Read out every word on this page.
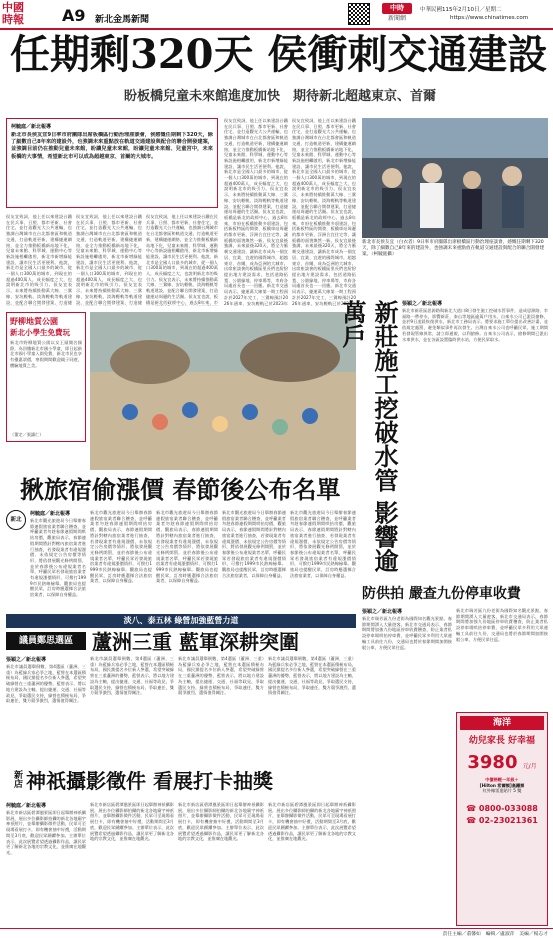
中國
時報	A9 新北金馬新聞
中時
新聞網
中華民國115年2月10日／星期二
https://www.chinatimes.com
任期剩320天 侯衝刺交通建設
盼板橋兒童未來館進度加快　期待新北超越東京、首爾
柯毓庭／新北報導
新北市長侯友宜9日率市府團隊出席板橋區行動治理座談會，侯感慨任期剩下320天，除了細數自己8年來的建設外，也強調未來重點放在軌道交通建設與配合的聯合開發建案，並強調目前仍在推動兒童未來館，盼讓兒童未來館，盼讓兒童未來館、兒童宮中，未來板橋的大事情，希望新北市可以成為超越東京、首爾的大城市。
侯友宜致詞，他上任以來建設台鐵在民兵事、日照、都市更新、社會住宅，並打造觀光大公共運輸，也強調台灣城市在台北都會區和軌道交通，打造軌道更新，建構捷運網絡，並全力推動板橋新站地下化，兒童未來館、科學城、運動中心等新設施相繼啟用，新北市新增綠能建設，讓市民生活更便利。他說，新北市是全國人口最多的城市，從一個人口300萬的城市，到現在的超過400萬人，成長幅度之大，也說明新北市的吸引力。侯友宜表示，未來將持續推動萬大線、三鶯線、安坑輕軌、淡海輕軌等軌道建設，並配合聯合開發建案，打造捷
侯友宜致詞，他上任以來建設台鐵在民兵事、日照、都市更新、社會住宅，並打造觀光大公共運輸，也強調台灣城市在台北都會區和軌道交通，打造軌道更新，建構捷運網絡，並全力推動板橋新站地下化，兒童未來館、科學城、運動中心等新設施相繼啟用，新北市新增綠能建設，讓市民生活更便利。他說，新北市是全國人口最多的城市，從一個人口300萬的城市，到現在的超過400萬人，成長幅度之大，也說明新北市的吸引力。侯友宜表示，未來將持續推動萬大線、三鶯線、安坑輕軌、淡海輕軌等軌道建設，並配合聯合開發建案，打造捷
侯友宜致詞，他上任以來建設台鐵在民兵事、日照、都市更新、社會住宅，並打造觀光大公共運輸，也強調台灣城市在台北都會區和軌道交通，打造軌道更新，建構捷運網絡，並全力推動板橋新站地下化，兒童未來館、科學城、運動中心等新設施相繼啟用，新北市新增綠能建設，讓市民生活更便利。他說，新北市是全國人口最多的城市，從一個人口300萬的城市，到現在的超過400萬人，成長幅度之大，也說明新北市的吸引力。侯友宜表示，未來將持續推動萬大線、三鶯線、安坑輕軌、淡海輕軌等軌道建設，並配合聯合開發建案，打造捷運站周邊的生活圈。侯友宜也說，板橋是新北的政經中心，過去8年來，市
侯友宜致詞，他上任以來建設台鐵在民兵事、日照、都市更新、社會住宅，並打造觀光大公共運輸，也強調台灣城市在台北都會區和軌道交通，打造軌道更新，建構捷運網絡，並全力推動板橋新站地下化，兒童未來館、科學城、運動中心等新設施相繼啟用，新北市新增綠能建設，讓市民生活更便利。他說，新北市是全國人口最多的城市，從一個人口300萬的城市，到現在的超過400萬人，成長幅度之大，也說明新北市的吸引力。侯友宜表示，未來將持續推動萬大線、三鶯線、安坑輕軌、淡海輕軌等軌道建設，並配合聯合開發建案，打造捷運站周邊的生活圈。侯友宜也說，板橋是新北的政經中心，過去8年來，市府在板橋推動多項建設，包括新板特區的開發、板橋車站周邊的都市更新、浮洲合宜住宅等，讓板橋的面貌煥然一新。侯友宜最後強調，未來最後320天，將全力衝刺交通建設，讓新北市成為一個宜居、宜業、宜遊的國際城市，超越東京、首爾，成為亞洲的大城市。出席座談會的板橋區里長們也紛紛提出地方建設需求，包括道路拓寬、公園綠地、停車場等，市府各局處首長也一一回應。新北市交通局表示，捷運萬大線第一期工程預計於2027年完工，三鶯線預計2026年通車，安坑輕軌已於2023年
侯友宜致詞，他上任以來建設台鐵在民兵事、日照、都市更新、社會住宅，並打造觀光大公共運輸，也強調台灣城市在台北都會區和軌道交通，打造軌道更新，建構捷運網絡，並全力推動板橋新站地下化，兒童未來館、科學城、運動中心等新設施相繼啟用，新北市新增綠能建設，讓市民生活更便利。他說，新北市是全國人口最多的城市，從一個人口300萬的城市，到現在的超過400萬人，成長幅度之大，也說明新北市的吸引力。侯友宜表示，未來將持續推動萬大線、三鶯線、安坑輕軌、淡海輕軌等軌道建設，並配合聯合開發建案，打造捷運站周邊的生活圈。侯友宜也說，板橋是新北的政經中心，過去8年來，市府在板橋推動多項建設，包括新板特區的開發、板橋車站周邊的都市更新、浮洲合宜住宅等，讓板橋的面貌煥然一新。侯友宜最後強調，未來最後320天，將全力衝刺交通建設，讓新北市成為一個宜居、宜業、宜遊的國際城市，超越東京、首爾，成為亞洲的大城市。出席座談會的板橋區里長們也紛紛提出地方建設需求，包括道路拓寬、公園綠地、停車場等，市府各局處首長也一一回應。新北市交通局表示，捷運萬大線第一期工程預計於2027年完工，三鶯線預計2026年通車，安坑輕軌已於2023年
新北市長侯友宜（白衣者）9日率市府團隊出席板橋區行動治理座談會，感慨任期剩下320天，除了細數自己8年來的建設外，也強調未來重點放在軌道交通建設與配合的聯合開發建案。（柯毓庭攝）
野柳地質公園
新北小學生免費玩
新北市野柳地質公園以女王頭聞名國際，為回饋新北市國小學童，即日起新北市國小學童入園免費，新北市民也享有優惠票價，寒假期間歡迎親子同遊，體驗地質之美。
（董定／張鎮仁）
揪旅宿偷漲價 春節後公布名單
新北
柯毓庭／新北報導
新北市觀光旅遊局今日舉辦春節連假旅宿業者聯合稽查，並呼籲業者勿趁春節連假期間哄抬房價，觀旅局表示，春節連假期間將針對轄內旅宿業者進行抽查，若發現業者有違規漲價、未依規定公告房價等情形，將依發展觀光條例開罰，並於春節後公布違規業者名單，呼籲民眾若發現旅宿業者有違規漲價情形，可撥打1999市民熱線檢舉。觀旅局也提醒民眾，訂房時應選擇合法旅宿業者，以保障自身權益。
新北市觀光旅遊局今日舉辦春節連假旅宿業者聯合稽查，並呼籲業者勿趁春節連假期間哄抬房價，觀旅局表示，春節連假期間將針對轄內旅宿業者進行抽查，若發現業者有違規漲價、未依規定公告房價等情形，將依發展觀光條例開罰，並於春節後公布違規業者名單，呼籲民眾若發現旅宿業者有違規漲價情形，可撥打1999市民熱線檢舉。觀旅局也提醒民眾，訂房時應選擇合法旅宿業者，以保障自身權益。
新北市觀光旅遊局今日舉辦春節連假旅宿業者聯合稽查，並呼籲業者勿趁春節連假期間哄抬房價，觀旅局表示，春節連假期間將針對轄內旅宿業者進行抽查，若發現業者有違規漲價、未依規定公告房價等情形，將依發展觀光條例開罰，並於春節後公布違規業者名單，呼籲民眾若發現旅宿業者有違規漲價情形，可撥打1999市民熱線檢舉。觀旅局也提醒民眾，訂房時應選擇合法旅宿業者，以保障自身權益。
新北市觀光旅遊局今日舉辦春節連假旅宿業者聯合稽查，並呼籲業者勿趁春節連假期間哄抬房價，觀旅局表示，春節連假期間將針對轄內旅宿業者進行抽查，若發現業者有違規漲價、未依規定公告房價等情形，將依發展觀光條例開罰，並於春節後公布違規業者名單，呼籲民眾若發現旅宿業者有違規漲價情形，可撥打1999市民熱線檢舉。觀旅局也提醒民眾，訂房時應選擇合法旅宿業者，以保障自身權益。
新北市觀光旅遊局今日舉辦春節連假旅宿業者聯合稽查，並呼籲業者勿趁春節連假期間哄抬房價，觀旅局表示，春節連假期間將針對轄內旅宿業者進行抽查，若發現業者有違規漲價、未依規定公告房價等情形，將依發展觀光條例開罰，並於春節後公布違規業者名單，呼籲民眾若發現旅宿業者有違規漲價情形，可撥打1999市民熱線檢舉。觀旅局也提醒民眾，訂房時應選擇合法旅宿業者，以保障自身權益。
新莊施工挖破水管 影響逾萬戶	張穎之／新北報導
新北市新莊區思源路與新北大道口8日發生施工挖破水管事件，造成思源路、幸福路一帶停水，影響新莊、泰山等地區逾萬戶用水，自來水公司已派員搶修，並於9日凌晨恢復供水，新北市工務局表示，將要求施工單位提出改善計畫，並依規定處罰，避免類似事件再次發生。台灣自來水公司也呼籲民眾，施工期間若發現管線異常，請立即通報，以利搶修。自來水公司表示，搶修期間已派出水車供水，並在各區設置臨時供水站，方便民眾取水。
防供拍 嚴查九份停車收費
張穎之／新北報導
新北市瑞芳區九份老街為國際知名觀光景點，春節期間湧入大量遊客，新北市交通局表示，春節期間將加強九份地區停車收費稽查，防止業者私設停車場哄抬停車費，並呼籲民眾多利用大眾運輸工具前往九份，交通局也將於春節期間加開接駁公車，方便民眾往返。
新北市瑞芳區九份老街為國際知名觀光景點，春節期間湧入大量遊客，新北市交通局表示，春節期間將加強九份地區停車收費稽查，防止業者私設停車場哄抬停車費，並呼籲民眾多利用大眾運輸工具前往九份，交通局也將於春節期間加開接駁公車，方便民眾往返。
淡八、泰五林 綠營加強藍營力道
議員鄭思選區 蘆洲三重 藍軍深耕突圍
張穎之／新北報導
新北市議員選舉倒數，第4選區（蘆洲、三重）為藍綠兵家必爭之地，藍營在本選區積極布局，國民黨提名多位新人參選，希望突破綠營在三重蘆洲的優勢，藍營表示，將以地方建設為主軸，提出捷運、交通、社福等政見，爭取選民支持，綠營也積極布局，爭取連任，雙方競爭激烈，選情值得關注。
新北市議員選舉倒數，第4選區（蘆洲、三重）為藍綠兵家必爭之地，藍營在本選區積極布局，國民黨提名多位新人參選，希望突破綠營在三重蘆洲的優勢，藍營表示，將以地方建設為主軸，提出捷運、交通、社福等政見，爭取選民支持，綠營也積極布局，爭取連任，雙方競爭激烈，選情值得關注。
新北市議員選舉倒數，第4選區（蘆洲、三重）為藍綠兵家必爭之地，藍營在本選區積極布局，國民黨提名多位新人參選，希望突破綠營在三重蘆洲的優勢，藍營表示，將以地方建設為主軸，提出捷運、交通、社福等政見，爭取選民支持，綠營也積極布局，爭取連任，雙方競爭激烈，選情值得關注。
新北市議員選舉倒數，第4選區（蘆洲、三重）為藍綠兵家必爭之地，藍營在本選區積極布局，國民黨提名多位新人參選，希望突破綠營在三重蘆洲的優勢，藍營表示，將以地方建設為主軸，提出捷運、交通、社福等政見，爭取選民支持，綠營也積極布局，爭取連任，雙方競爭激烈，選情值得關注。
新店 神祇攝影徵件 看展打卡抽獎
柯毓庭／新北報導
新北市新店區碧潭風景區即日起舉辦神祇攝影展，展出多位攝影師拍攝的新北各地廟宇神祇照片，並舉辦攝影徵件活動，民眾可至現場看展打卡，即有機會抽中好禮，活動期間至3月底，歡迎民眾踴躍參加。主辦單位表示，此次展覽希望透過攝影作品，讓民眾更了解新北各地的宗教文化，並推廣在地觀光。
新北市新店區碧潭風景區即日起舉辦神祇攝影展，展出多位攝影師拍攝的新北各地廟宇神祇照片，並舉辦攝影徵件活動，民眾可至現場看展打卡，即有機會抽中好禮，活動期間至3月底，歡迎民眾踴躍參加。主辦單位表示，此次展覽希望透過攝影作品，讓民眾更了解新北各地的宗教文化，並推廣在地觀光。
新北市新店區碧潭風景區即日起舉辦神祇攝影展，展出多位攝影師拍攝的新北各地廟宇神祇照片，並舉辦攝影徵件活動，民眾可至現場看展打卡，即有機會抽中好禮，活動期間至3月底，歡迎民眾踴躍參加。主辦單位表示，此次展覽希望透過攝影作品，讓民眾更了解新北各地的宗教文化，並推廣在地觀光。
新北市新店區碧潭風景區即日起舉辦神祇攝影展，展出多位攝影師拍攝的新北各地廟宇神祇照片，並舉辦攝影徵件活動，民眾可至現場看展打卡，即有機會抽中好禮，活動期間至3月底，歡迎民眾踴躍參加。主辦單位表示，此次展覽希望透過攝影作品，讓民眾更了解新北各地的宗教文化，並推廣在地觀光。
海洋
幼兒家長 好幸福
3980 元/月
中價格輕一年級＋
[Hilton 希爾頓]高鐵票
紅外線雷達貼片 5 雙
☎ 0800-033088
☎ 02-23021361
責任主編／董馨如　編輯／盧淑萍　美編／楊志才
